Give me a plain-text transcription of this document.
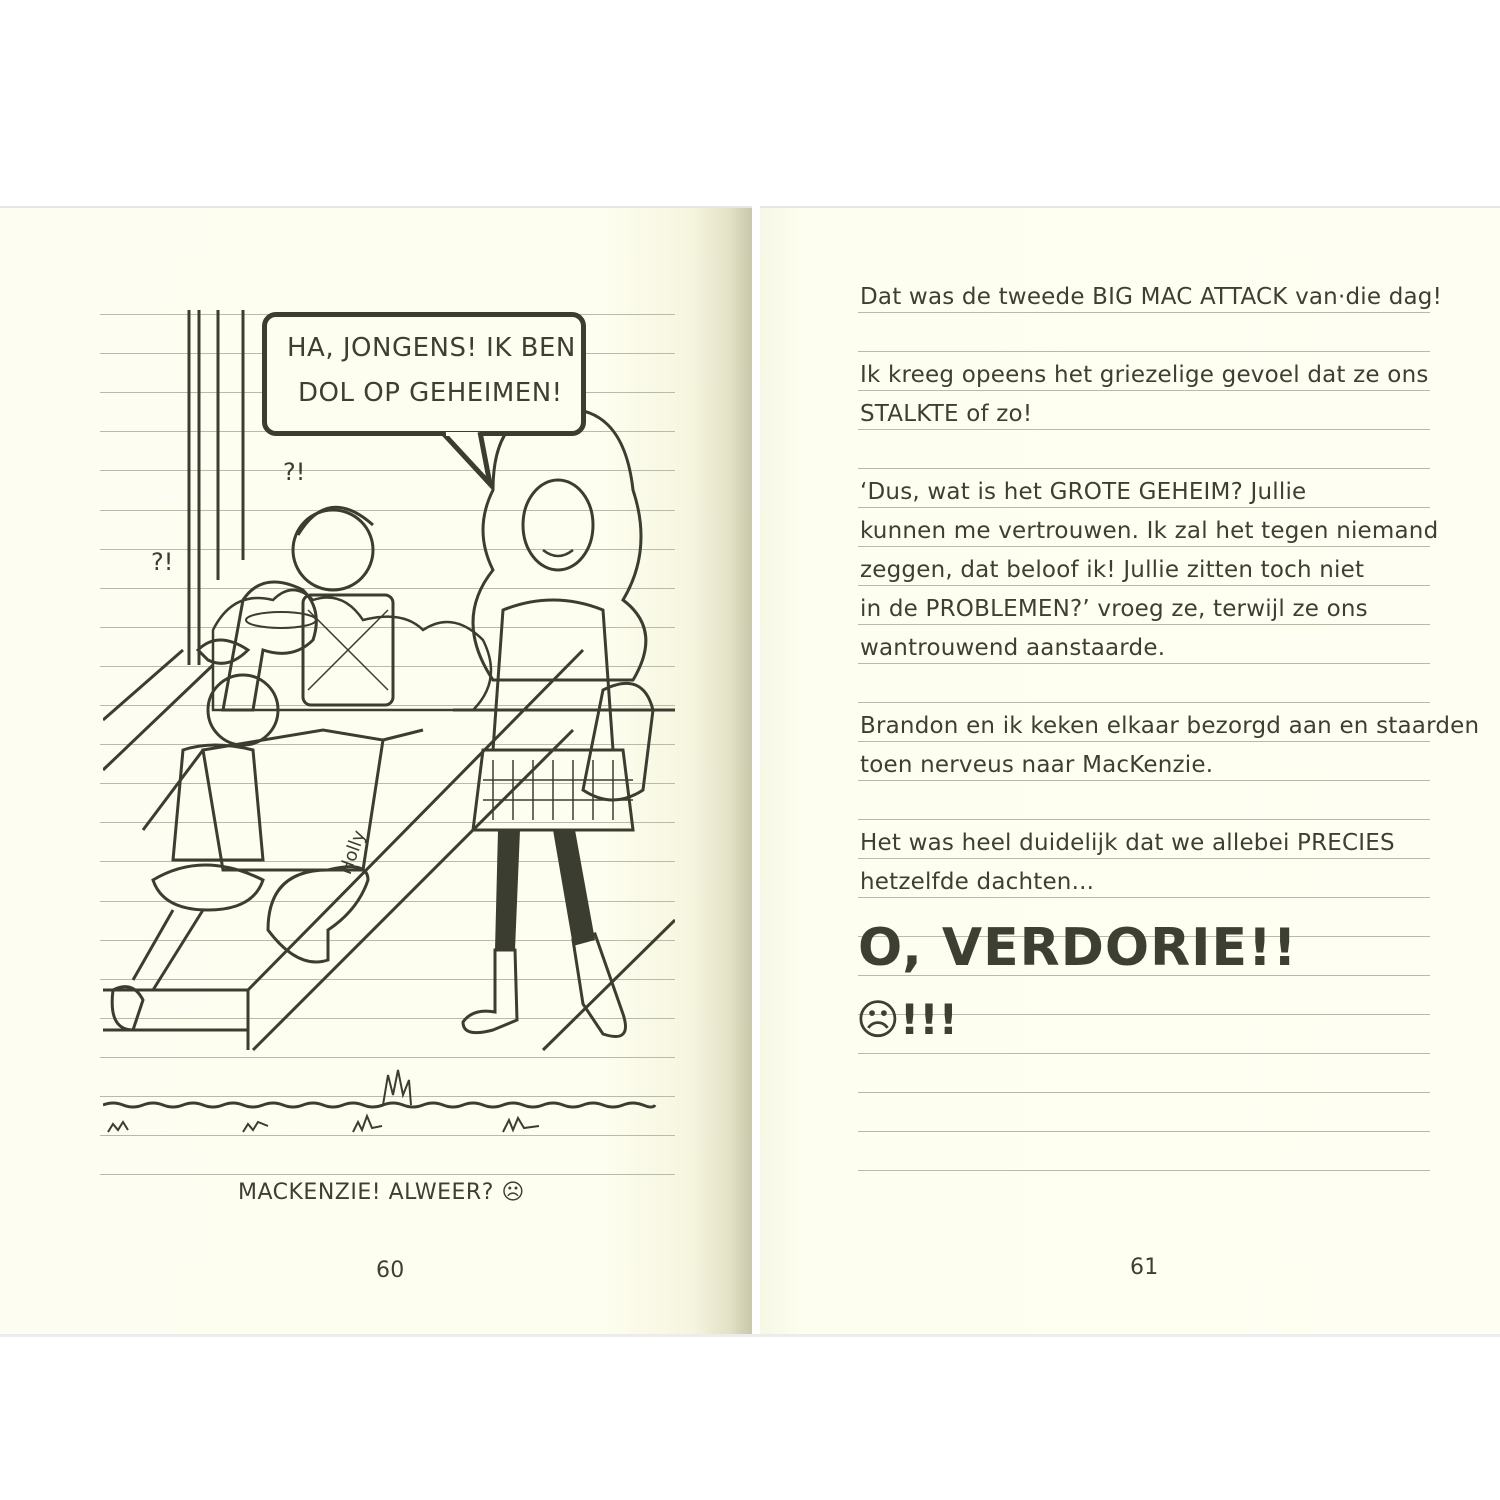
?!
?!
Holly
HA, JONGENS! IK BEN
DOL OP GEHEIMEN!
MACKENZIE! ALWEER? ☹
60	61
Dat was de tweede BIG MAC ATTACK van·die dag!
Ik kreeg opeens het griezelige gevoel dat ze ons
STALKTE of zo!
‘Dus, wat is het GROTE GEHEIM? Jullie
kunnen me vertrouwen. Ik zal het tegen niemand
zeggen, dat beloof ik! Jullie zitten toch niet
in de PROBLEMEN?’ vroeg ze, terwijl ze ons
wantrouwend aanstaarde.
Brandon en ik keken elkaar bezorgd aan en staarden
toen nerveus naar MacKenzie.
Het was heel duidelijk dat we allebei PRECIES
hetzelfde dachten...
O, VERDORIE!!
☹!!!
